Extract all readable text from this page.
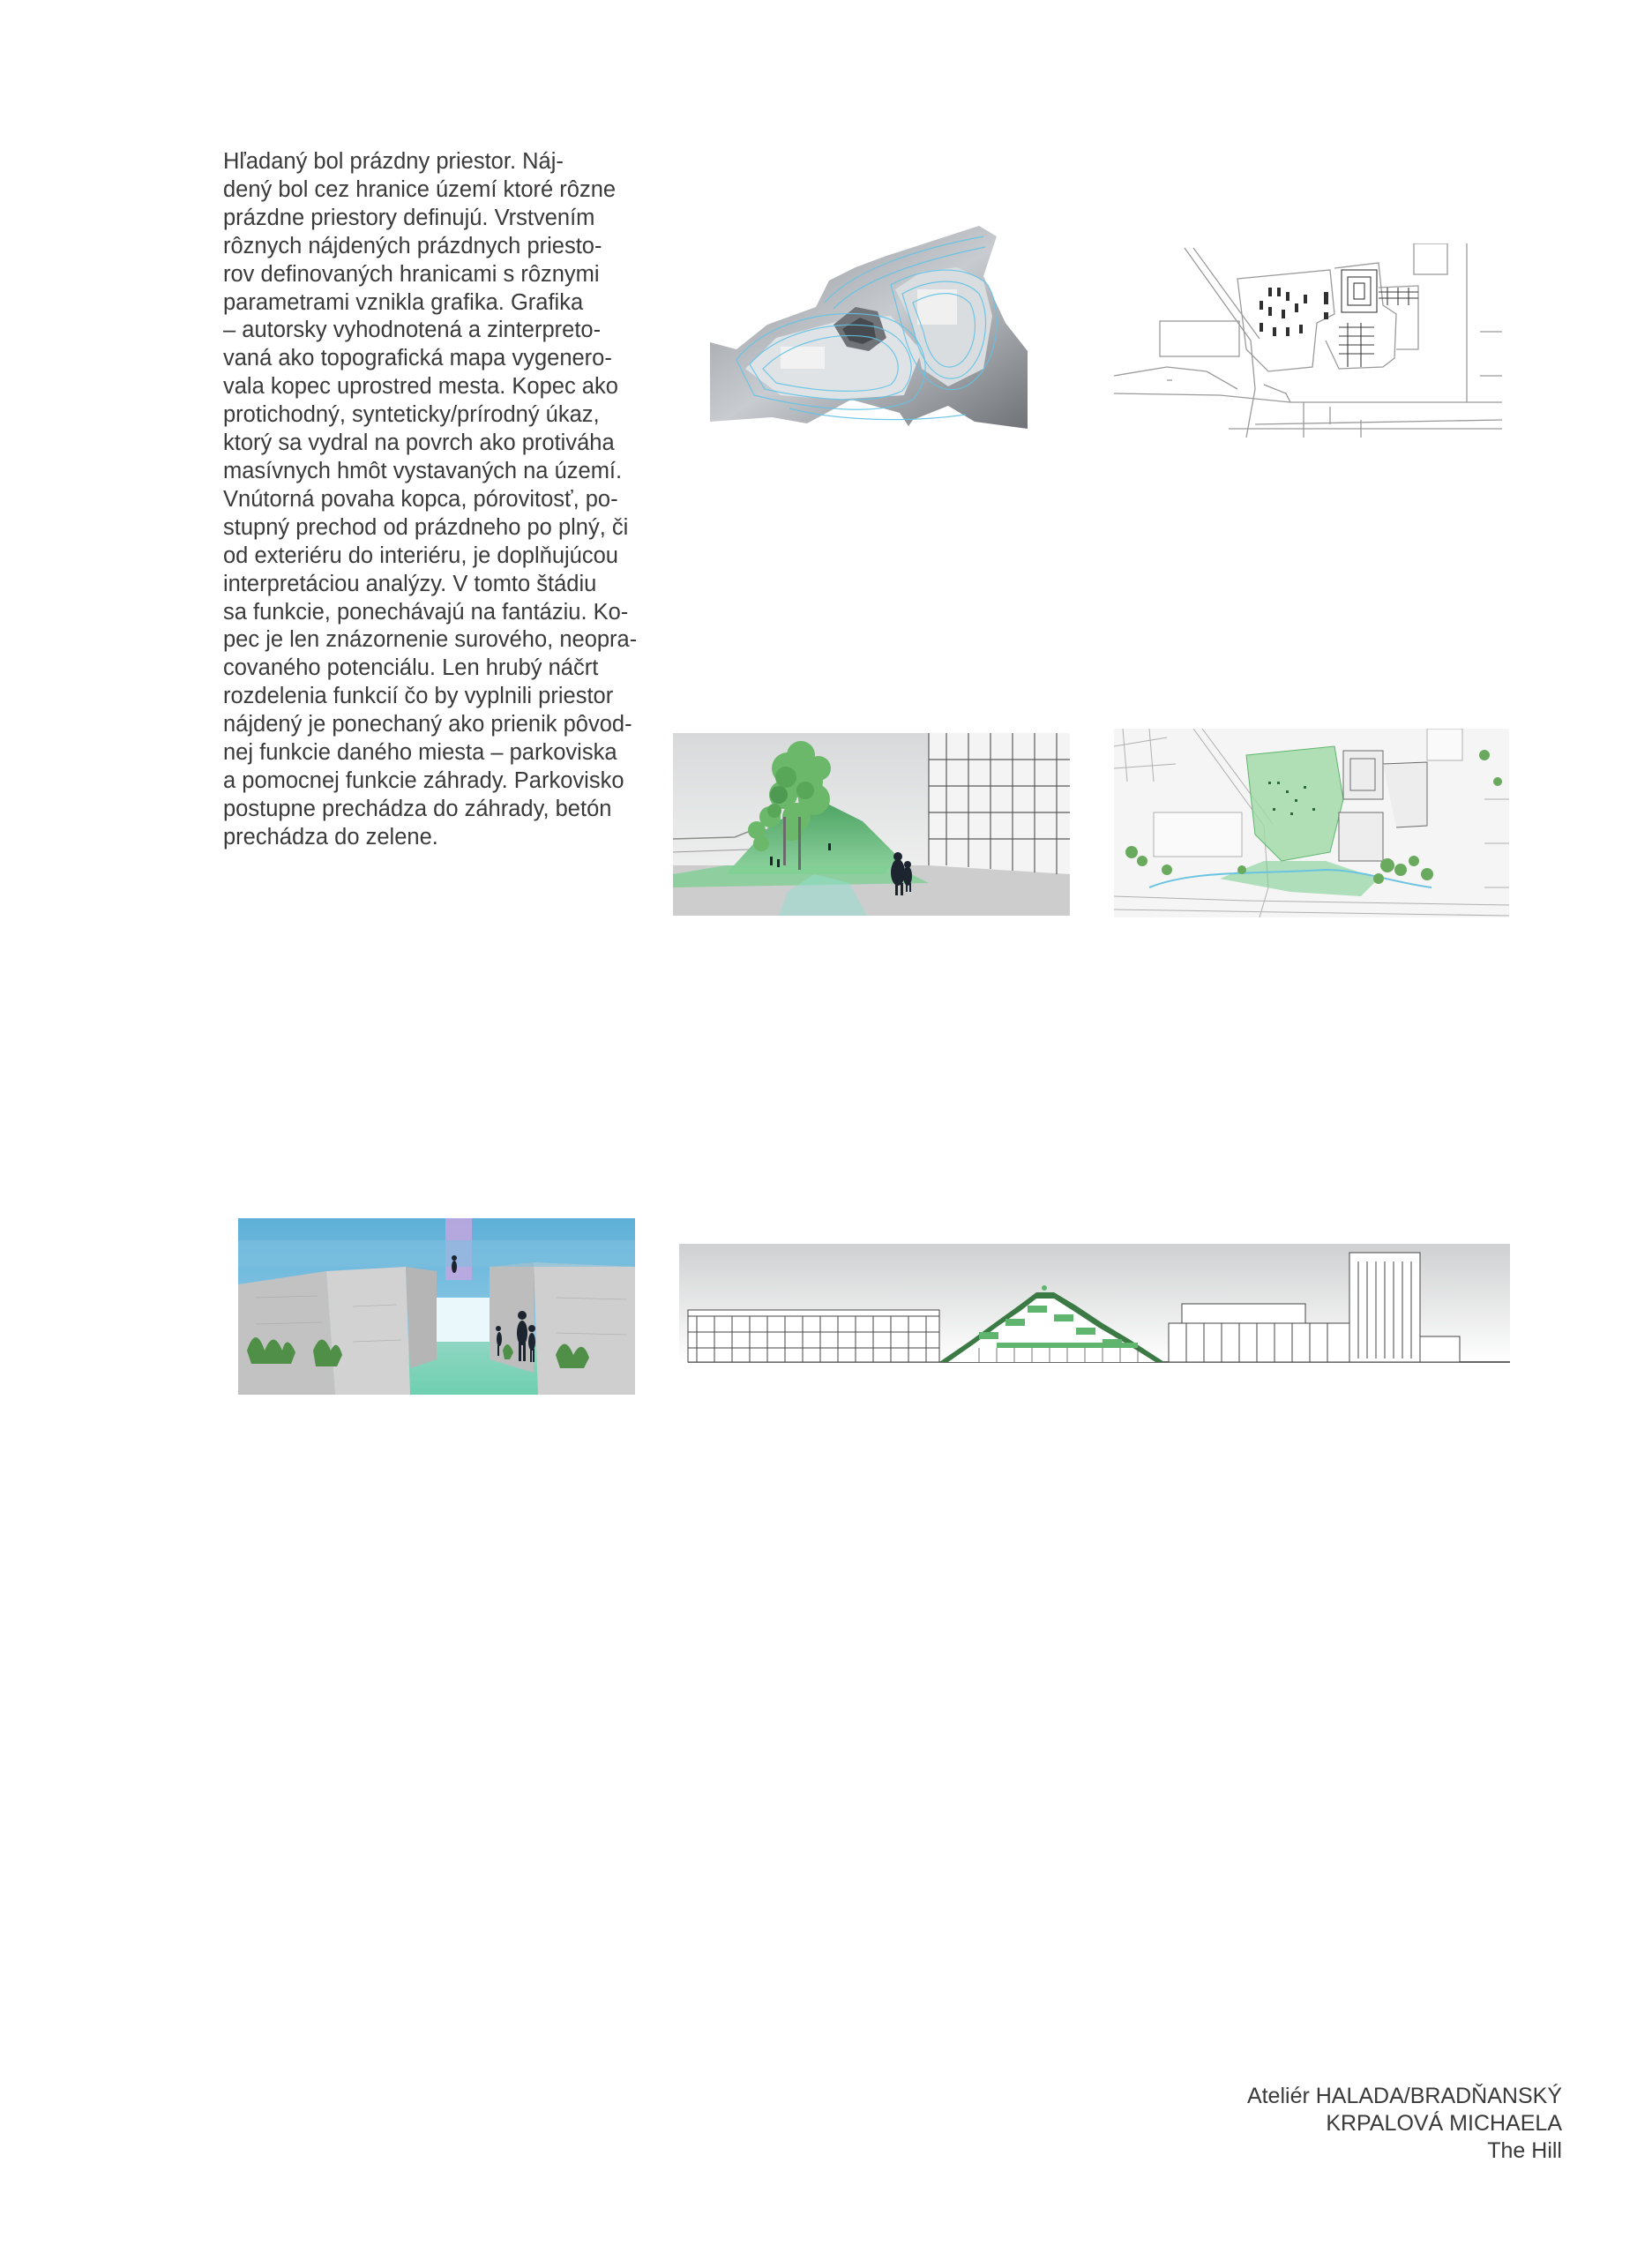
Hľadaný bol prázdny priestor. Náj-
dený bol cez hranice území ktoré rôzne
prázdne priestory definujú. Vrstvením
rôznych nájdených prázdnych priesto-
rov definovaných hranicami s rôznymi
parametrami vznikla grafika. Grafika
– autorsky vyhodnotená a zinterpreto-
vaná ako topografická mapa vygenero-
vala kopec uprostred mesta. Kopec ako
protichodný, synteticky/prírodný úkaz,
ktorý sa vydral na povrch ako protiváha
masívnych hmôt vystavaných na území.
Vnútorná povaha kopca, pórovitosť, po-
stupný prechod od prázdneho po plný, či
od exteriéru do interiéru, je doplňujúcou
interpretáciou analýzy. V tomto štádiu
sa funkcie, ponechávajú na fantáziu. Ko-
pec je len znázornenie surového, neopra-
covaného potenciálu. Len hrubý náčrt
rozdelenia funkcií čo by vyplnili priestor
nájdený je ponechaný ako prienik pôvod-
nej funkcie daného miesta – parkoviska
a pomocnej funkcie záhrady. Parkovisko
postupne prechádza do záhrady, betón
prechádza do zelene.
Ateliér HALADA/BRADŇANSKÝ
KRPALOVÁ MICHAELA
The Hill
